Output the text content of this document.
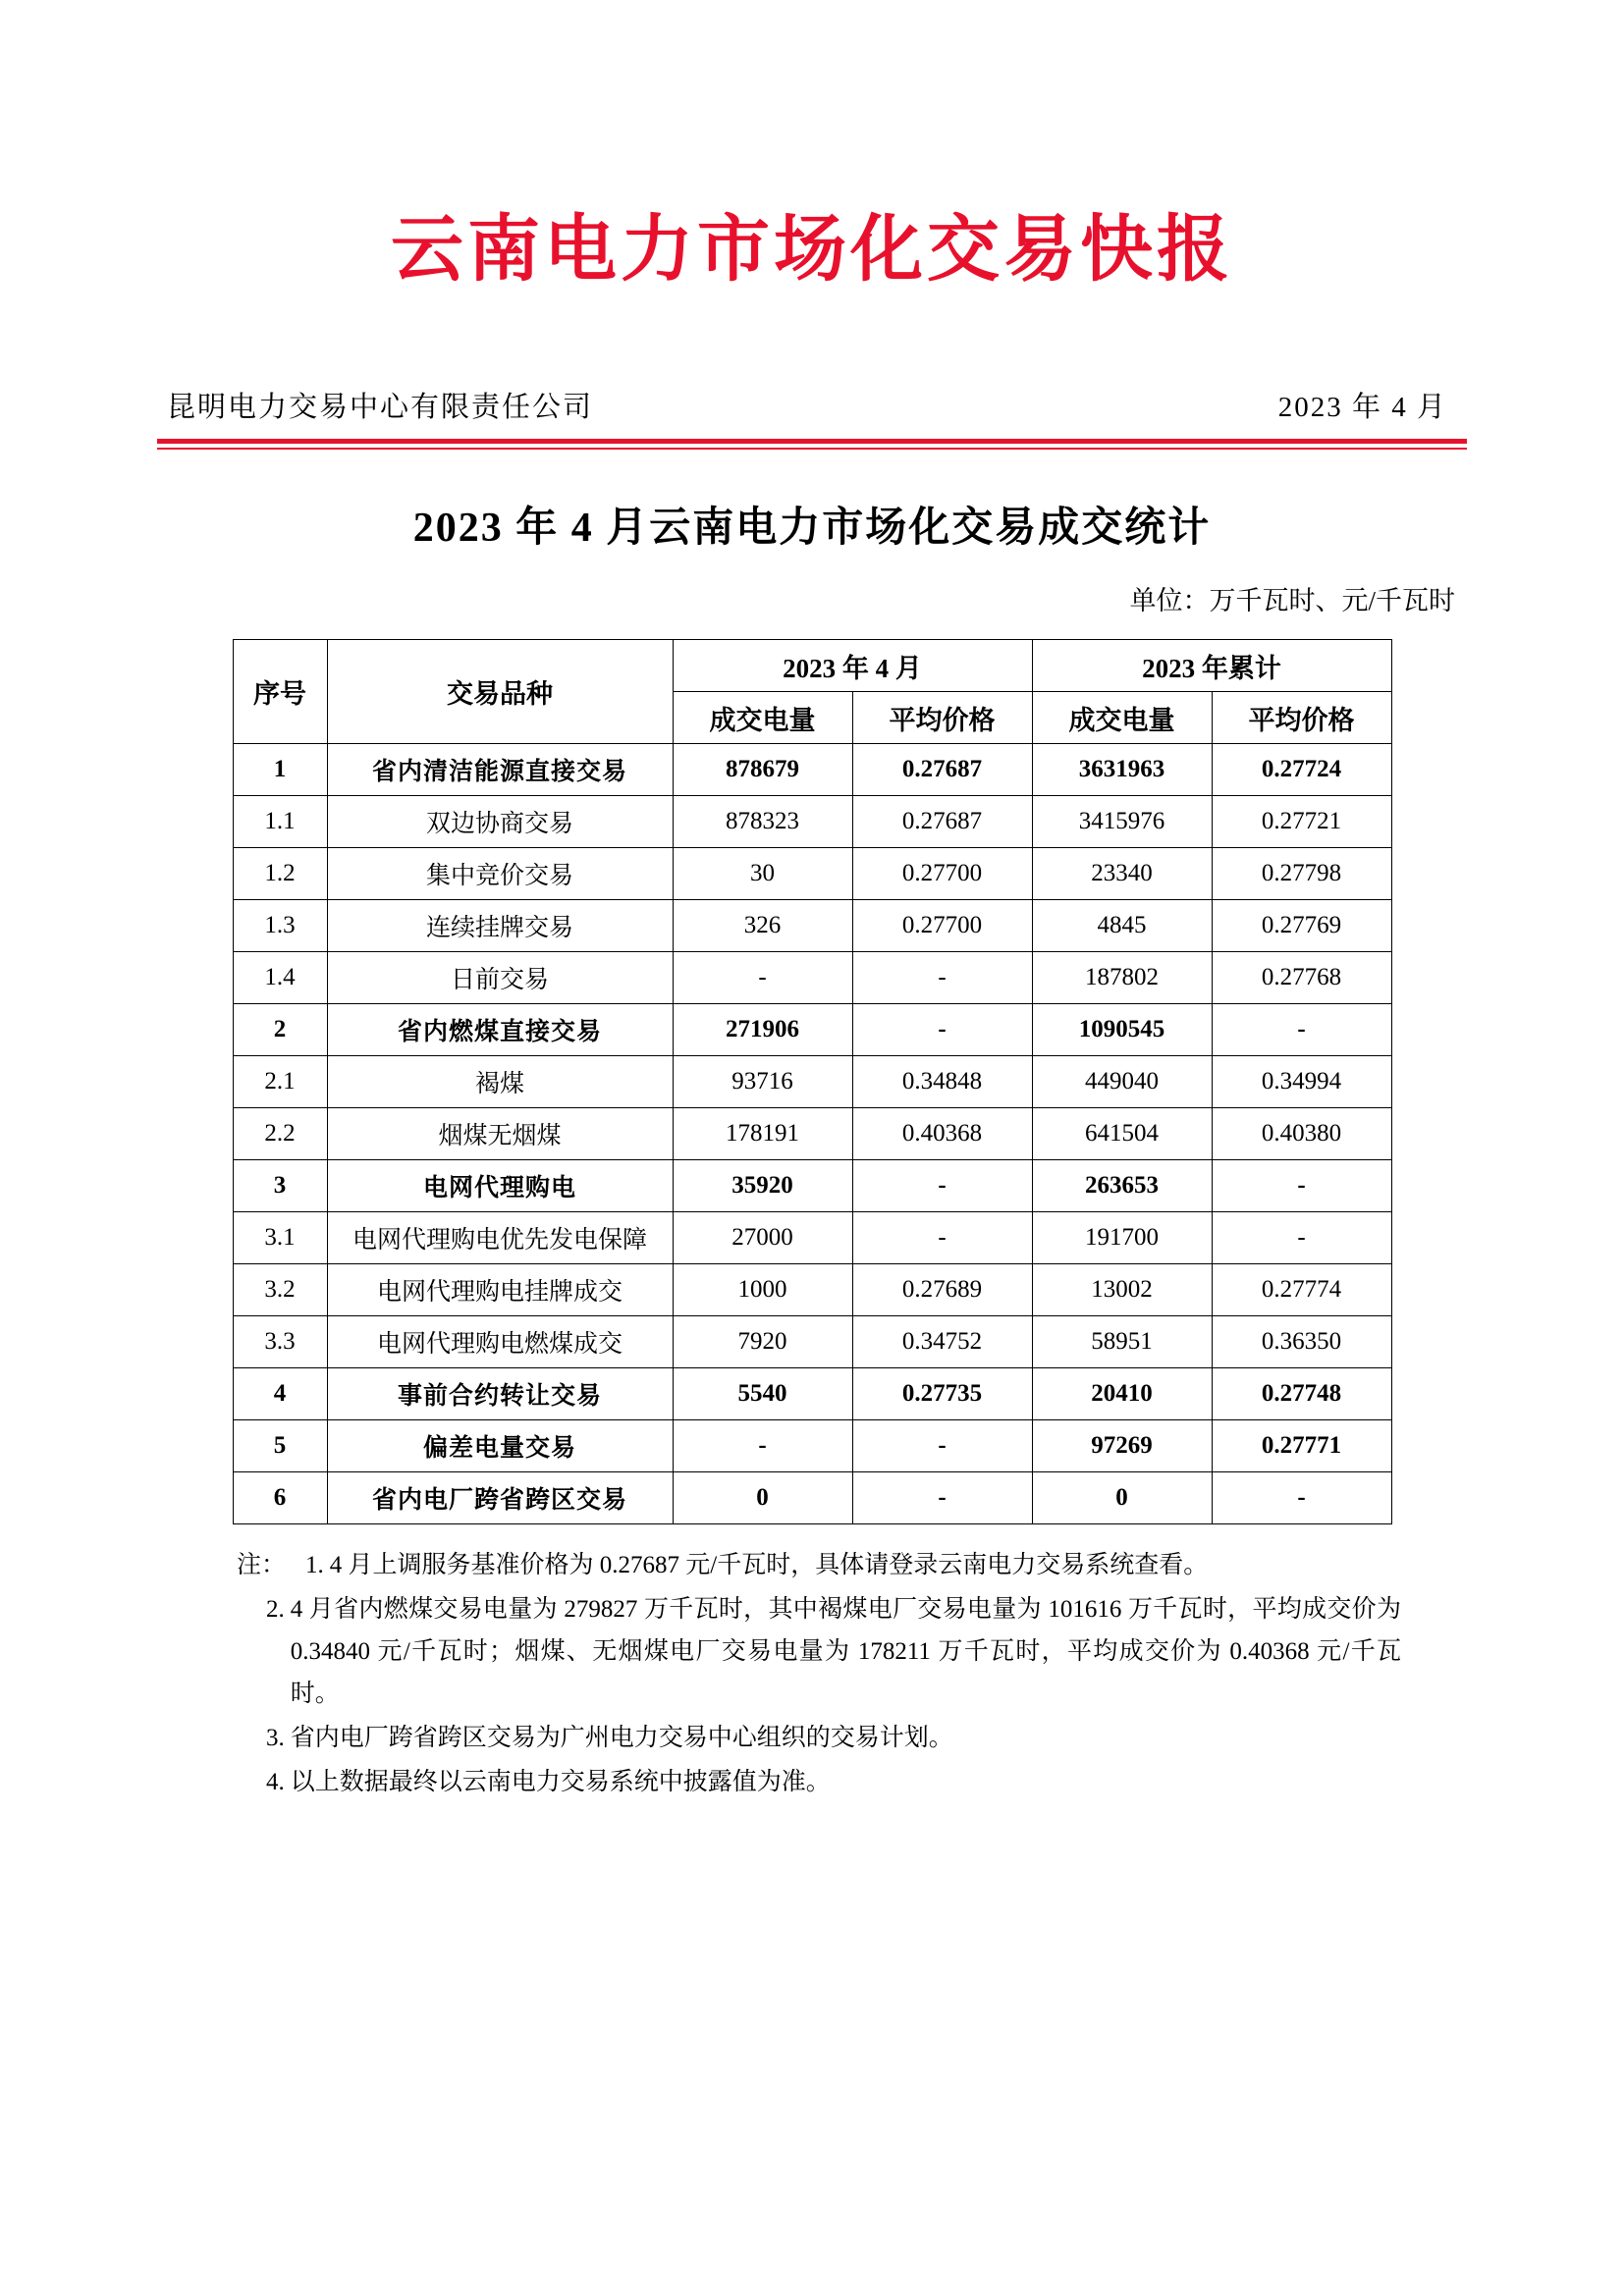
云南电力市场化交易快报
昆明电力交易中心有限责任公司	2023 年 4 月
2023 年 4 月云南电力市场化交易成交统计
单位：万千瓦时、元/千瓦时
序号	交易品种	2023 年 4 月		2023 年累计	
		成交电量	平均价格	成交电量	平均价格
1	省内清洁能源直接交易	878679	0.27687	3631963	0.27724
1.1	双边协商交易	878323	0.27687	3415976	0.27721
1.2	集中竞价交易	30	0.27700	23340	0.27798
1.3	连续挂牌交易	326	0.27700	4845	0.27769
1.4	日前交易	-	-	187802	0.27768
2	省内燃煤直接交易	271906	-	1090545	-
2.1	褐煤	93716	0.34848	449040	0.34994
2.2	烟煤无烟煤	178191	0.40368	641504	0.40380
3	电网代理购电	35920	-	263653	-
3.1	电网代理购电优先发电保障	27000	-	191700	-
3.2	电网代理购电挂牌成交	1000	0.27689	13002	0.27774
3.3	电网代理购电燃煤成交	7920	0.34752	58951	0.36350
4	事前合约转让交易	5540	0.27735	20410	0.27748
5	偏差电量交易	-	-	97269	0.27771
6	省内电厂跨省跨区交易	0	-	0	-
注： 1. 4 月上调服务基准价格为 0.27687 元/千瓦时，具体请登录云南电力交易系统查看。
2. 4 月省内燃煤交易电量为 279827 万千瓦时，其中褐煤电厂交易电量为 101616 万千瓦时，平均成交价为 0.34840 元/千瓦时；烟煤、无烟煤电厂交易电量为 178211 万千瓦时，平均成交价为 0.40368 元/千瓦时。
3. 省内电厂跨省跨区交易为广州电力交易中心组织的交易计划。
4. 以上数据最终以云南电力交易系统中披露值为准。
